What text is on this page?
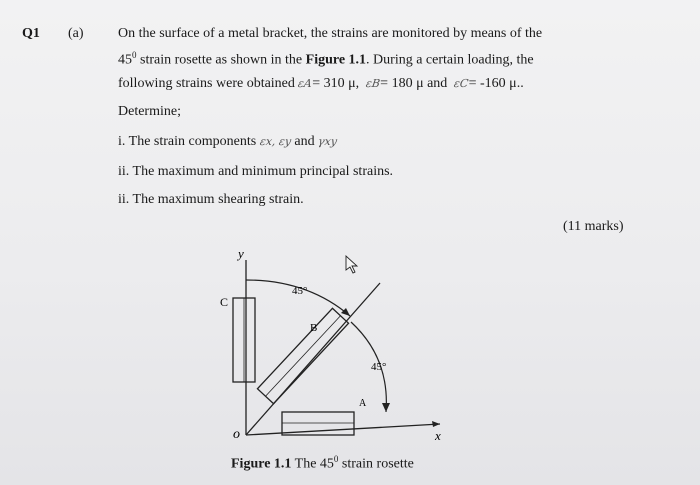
Q1 (a) On the surface of a metal bracket, the strains are monitored by means of the
$45^0$ strain rosette as shown in the Figure 1.1. During a certain loading, the
following strains were obtained εA= 310 μ, εB= 180 μ and εC= -160 μ..
Determine;
i. The strain components εx, εy and γxy
ii. The maximum and minimum principal strains.
ii. The maximum shearing strain.
(11 marks)
y
x
o
C
B
A
45°
45°
Figure 1.1 The $45^0$ strain rosette
